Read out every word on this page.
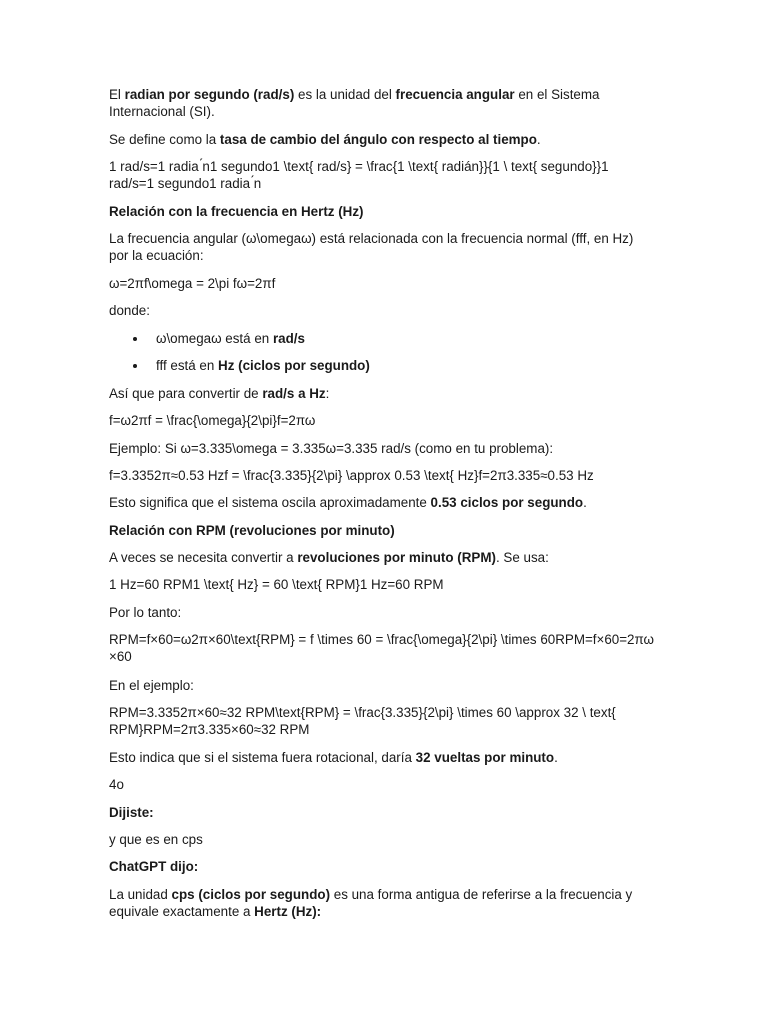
El radian por segundo (rad/s) es la unidad del frecuencia angular en el Sistema Internacional (SI).

Se define como la tasa de cambio del ángulo con respecto al tiempo.

1 rad/s=1 radia ́n1 segundo1 \text{ rad/s} = \frac{1 \text{ radián}}{1 \ text{ segundo}}1 rad/s=1 segundo1 radia ́n

Relación con la frecuencia en Hertz (Hz)

La frecuencia angular (ω\omegaω) está relacionada con la frecuencia normal (fff, en Hz) por la ecuación:

ω=2πf\omega = 2\pi fω=2πf

donde:

ω\omegaω está en rad/s
fff está en Hz (ciclos por segundo)

Así que para convertir de rad/s a Hz:

f=ω2πf = \frac{\omega}{2\pi}f=2πω

Ejemplo: Si ω=3.335\omega = 3.335ω=3.335 rad/s (como en tu problema):

f=3.3352π≈0.53 Hzf = \frac{3.335}{2\pi} \approx 0.53 \text{ Hz}f=2π3.335≈0.53 Hz

Esto significa que el sistema oscila aproximadamente 0.53 ciclos por segundo.

Relación con RPM (revoluciones por minuto)

A veces se necesita convertir a revoluciones por minuto (RPM). Se usa:

1 Hz=60 RPM1 \text{ Hz} = 60 \text{ RPM}1 Hz=60 RPM

Por lo tanto:

RPM=f×60=ω2π×60\text{RPM} = f \times 60 = \frac{\omega}{2\pi} \times 60RPM=f×60=2πω ×60

En el ejemplo:

RPM=3.3352π×60≈32 RPM\text{RPM} = \frac{3.335}{2\pi} \times 60 \approx 32 \ text{ RPM}RPM=2π3.335×60≈32 RPM

Esto indica que si el sistema fuera rotacional, daría 32 vueltas por minuto.

4o

Dijiste:

y que es en cps

ChatGPT dijo:

La unidad cps (ciclos por segundo) es una forma antigua de referirse a la frecuencia y equivale exactamente a Hertz (Hz):
